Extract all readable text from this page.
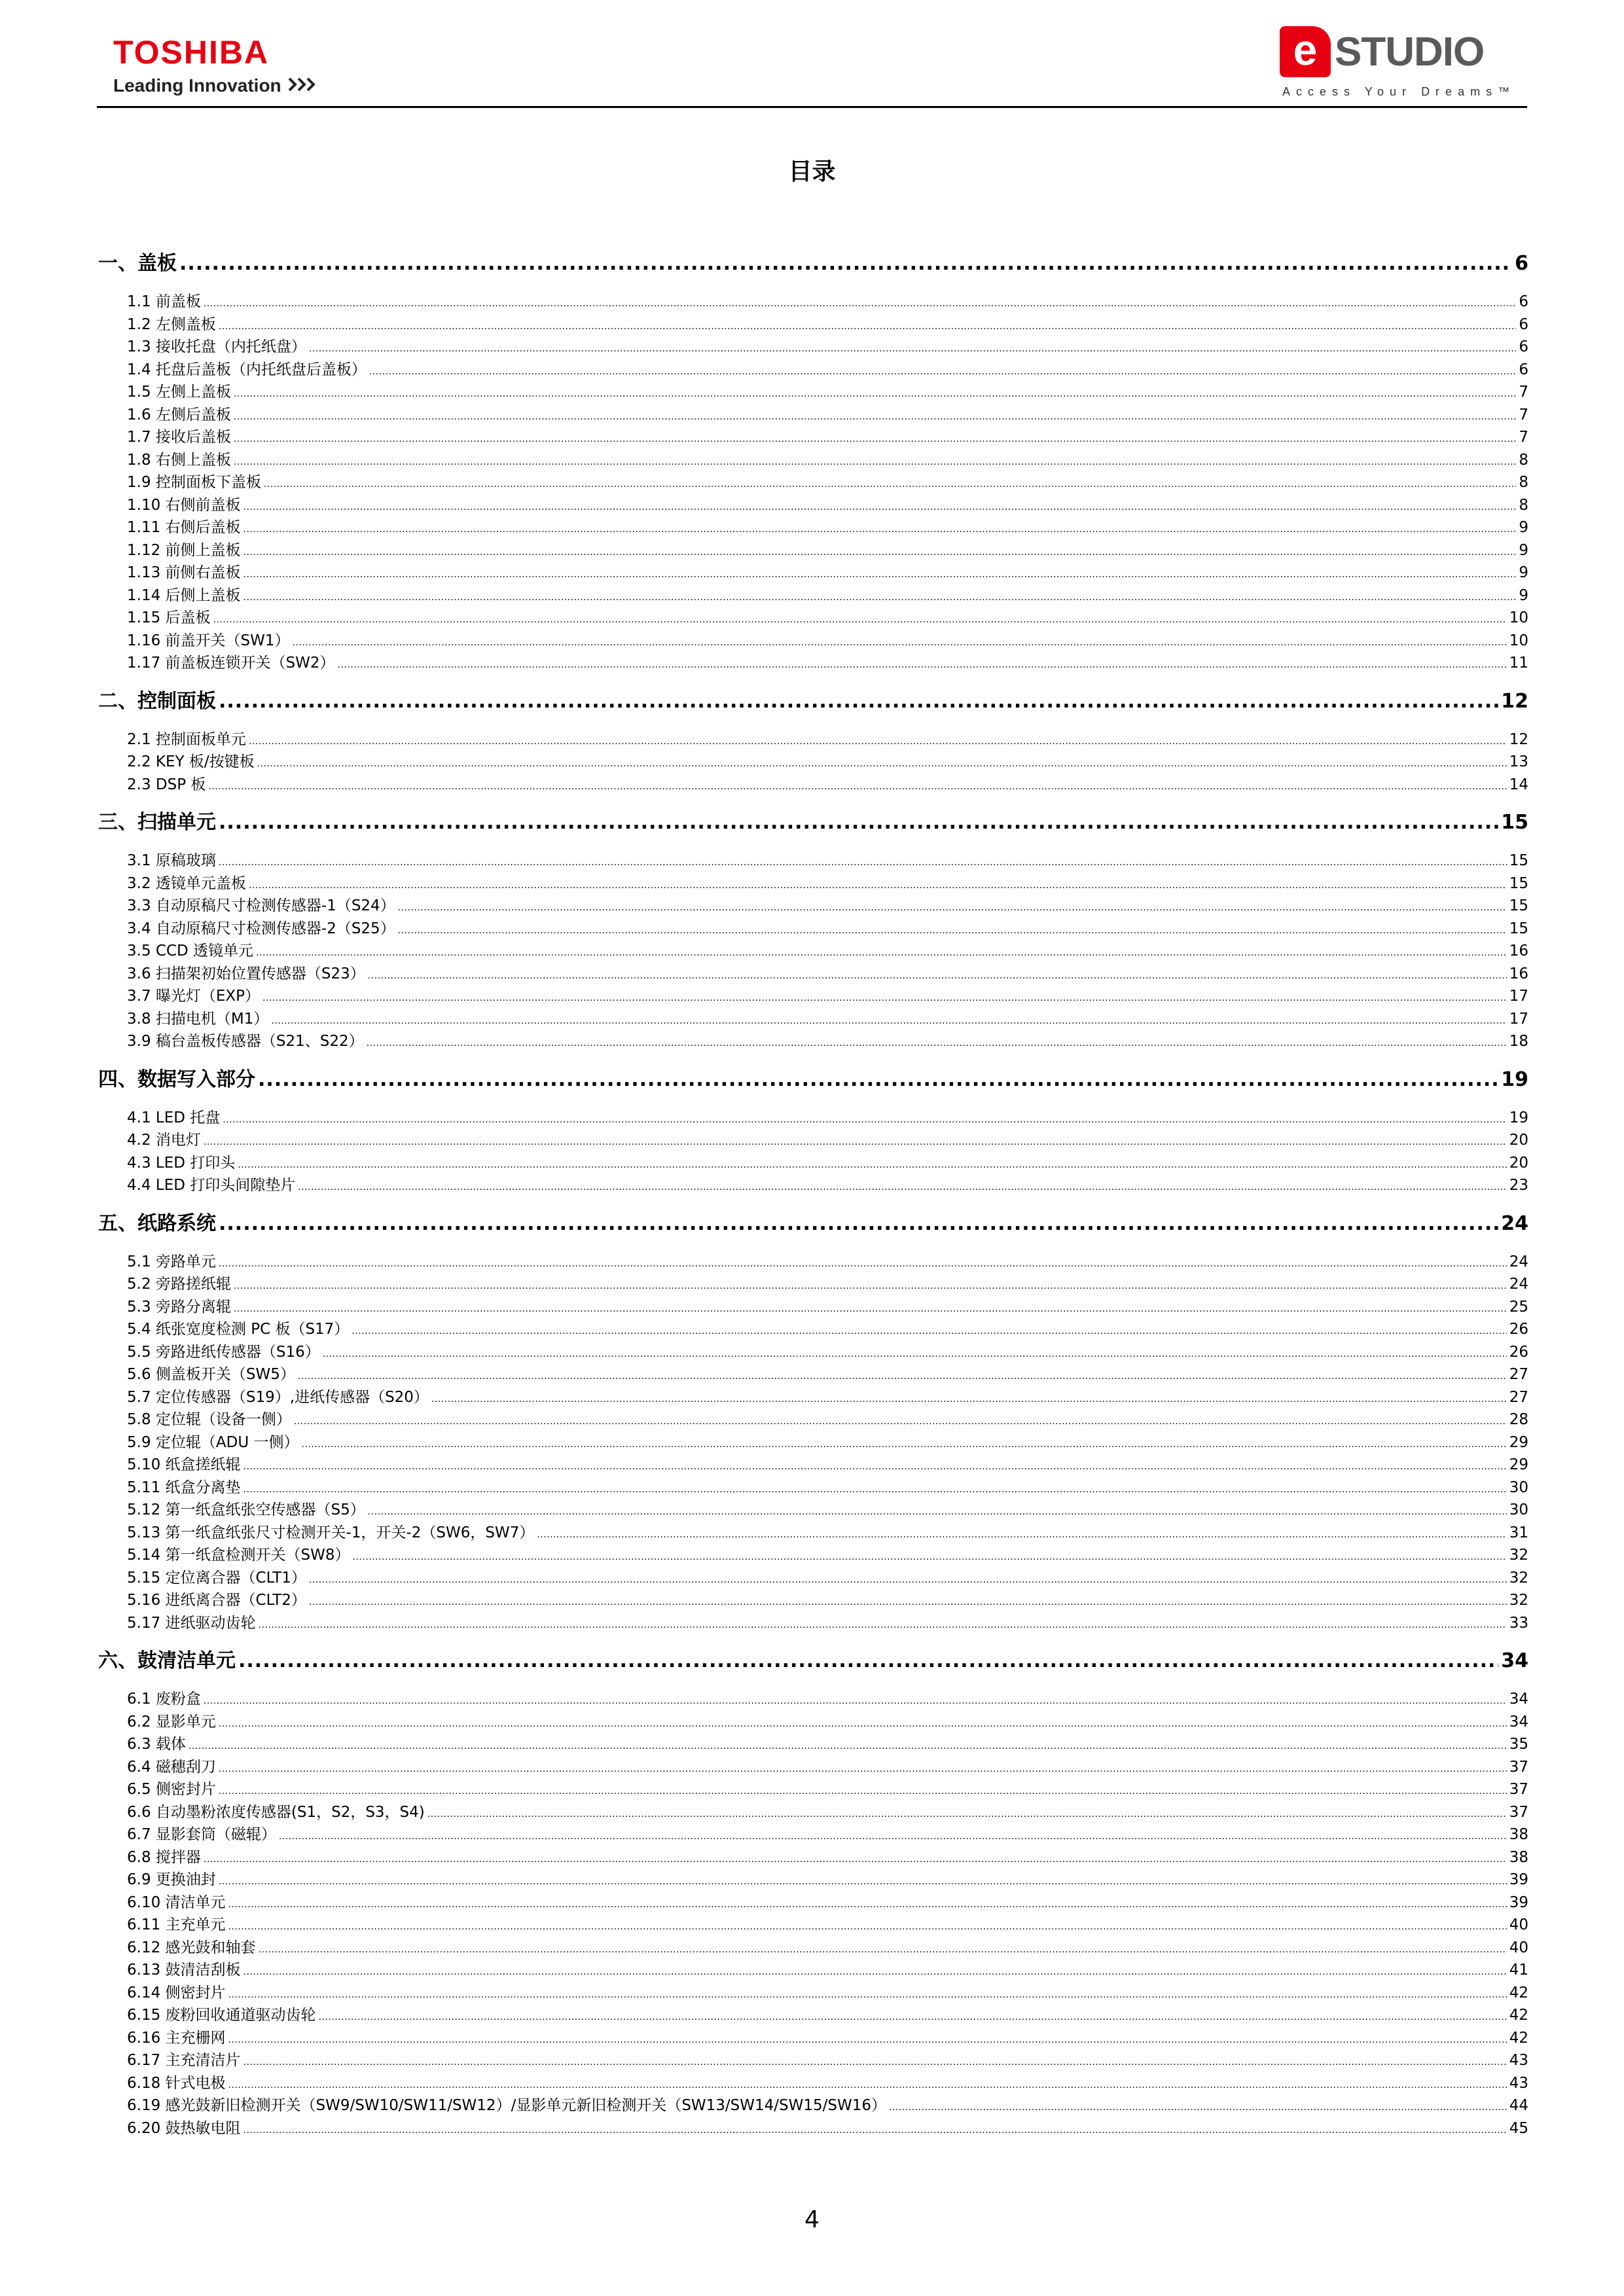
TOSHIBA
Leading Innovation
e STUDIO
Access Your Dreams™
目录
一、盖板 .....	6
1.1 前盖板 .....	6
1.2 左侧盖板 .....	6
1.3 接收托盘（内托纸盘） .....	6
1.4 托盘后盖板（内托纸盘后盖板） .....	6
1.5 左侧上盖板 .....	7
1.6 左侧后盖板 .....	7
1.7 接收后盖板 .....	7
1.8 右侧上盖板 .....	8
1.9 控制面板下盖板 .....	8
1.10 右侧前盖板 .....	8
1.11 右侧后盖板 .....	9
1.12 前侧上盖板 .....	9
1.13 前侧右盖板 .....	9
1.14 后侧上盖板 .....	9
1.15 后盖板 .....	10
1.16 前盖开关（SW1） .....	10
1.17 前盖板连锁开关（SW2） .....	11
二、控制面板 .....	12
2.1 控制面板单元 .....	12
2.2 KEY 板/按键板 .....	13
2.3 DSP 板 .....	14
三、扫描单元 .....	15
3.1 原稿玻璃 .....	15
3.2 透镜单元盖板 .....	15
3.3 自动原稿尺寸检测传感器-1（S24） .....	15
3.4 自动原稿尺寸检测传感器-2（S25） .....	15
3.5 CCD 透镜单元 .....	16
3.6 扫描架初始位置传感器（S23） .....	16
3.7 曝光灯（EXP） .....	17
3.8 扫描电机（M1） .....	17
3.9 稿台盖板传感器（S21、S22） .....	18
四、数据写入部分 .....	19
4.1 LED 托盘 .....	19
4.2 消电灯 .....	20
4.3 LED 打印头 .....	20
4.4 LED 打印头间隙垫片 .....	23
五、纸路系统 .....	24
5.1 旁路单元 .....	24
5.2 旁路搓纸辊 .....	24
5.3 旁路分离辊 .....	25
5.4 纸张宽度检测 PC 板（S17） .....	26
5.5 旁路进纸传感器（S16） .....	26
5.6 侧盖板开关（SW5） .....	27
5.7 定位传感器（S19）,进纸传感器（S20） .....	27
5.8 定位辊（设备一侧） .....	28
5.9 定位辊（ADU 一侧） .....	29
5.10 纸盒搓纸辊 .....	29
5.11 纸盒分离垫 .....	30
5.12 第一纸盒纸张空传感器（S5） .....	30
5.13 第一纸盒纸张尺寸检测开关-1，开关-2（SW6，SW7） .....	31
5.14 第一纸盒检测开关（SW8） .....	32
5.15 定位离合器（CLT1） .....	32
5.16 进纸离合器（CLT2） .....	32
5.17 进纸驱动齿轮 .....	33
六、鼓清洁单元 .....	34
6.1 废粉盒 .....	34
6.2 显影单元 .....	34
6.3 载体 .....	35
6.4 磁穗刮刀 .....	37
6.5 侧密封片 .....	37
6.6 自动墨粉浓度传感器(S1，S2，S3，S4) .....	37
6.7 显影套筒（磁辊） .....	38
6.8 搅拌器 .....	38
6.9 更换油封 .....	39
6.10 清洁单元 .....	39
6.11 主充单元 .....	40
6.12 感光鼓和轴套 .....	40
6.13 鼓清洁刮板 .....	41
6.14 侧密封片 .....	42
6.15 废粉回收通道驱动齿轮 .....	42
6.16 主充栅网 .....	42
6.17 主充清洁片 .....	43
6.18 针式电极 .....	43
6.19 感光鼓新旧检测开关（SW9/SW10/SW11/SW12）/显影单元新旧检测开关（SW13/SW14/SW15/SW16） .....	44
6.20 鼓热敏电阻 .....	45
4
